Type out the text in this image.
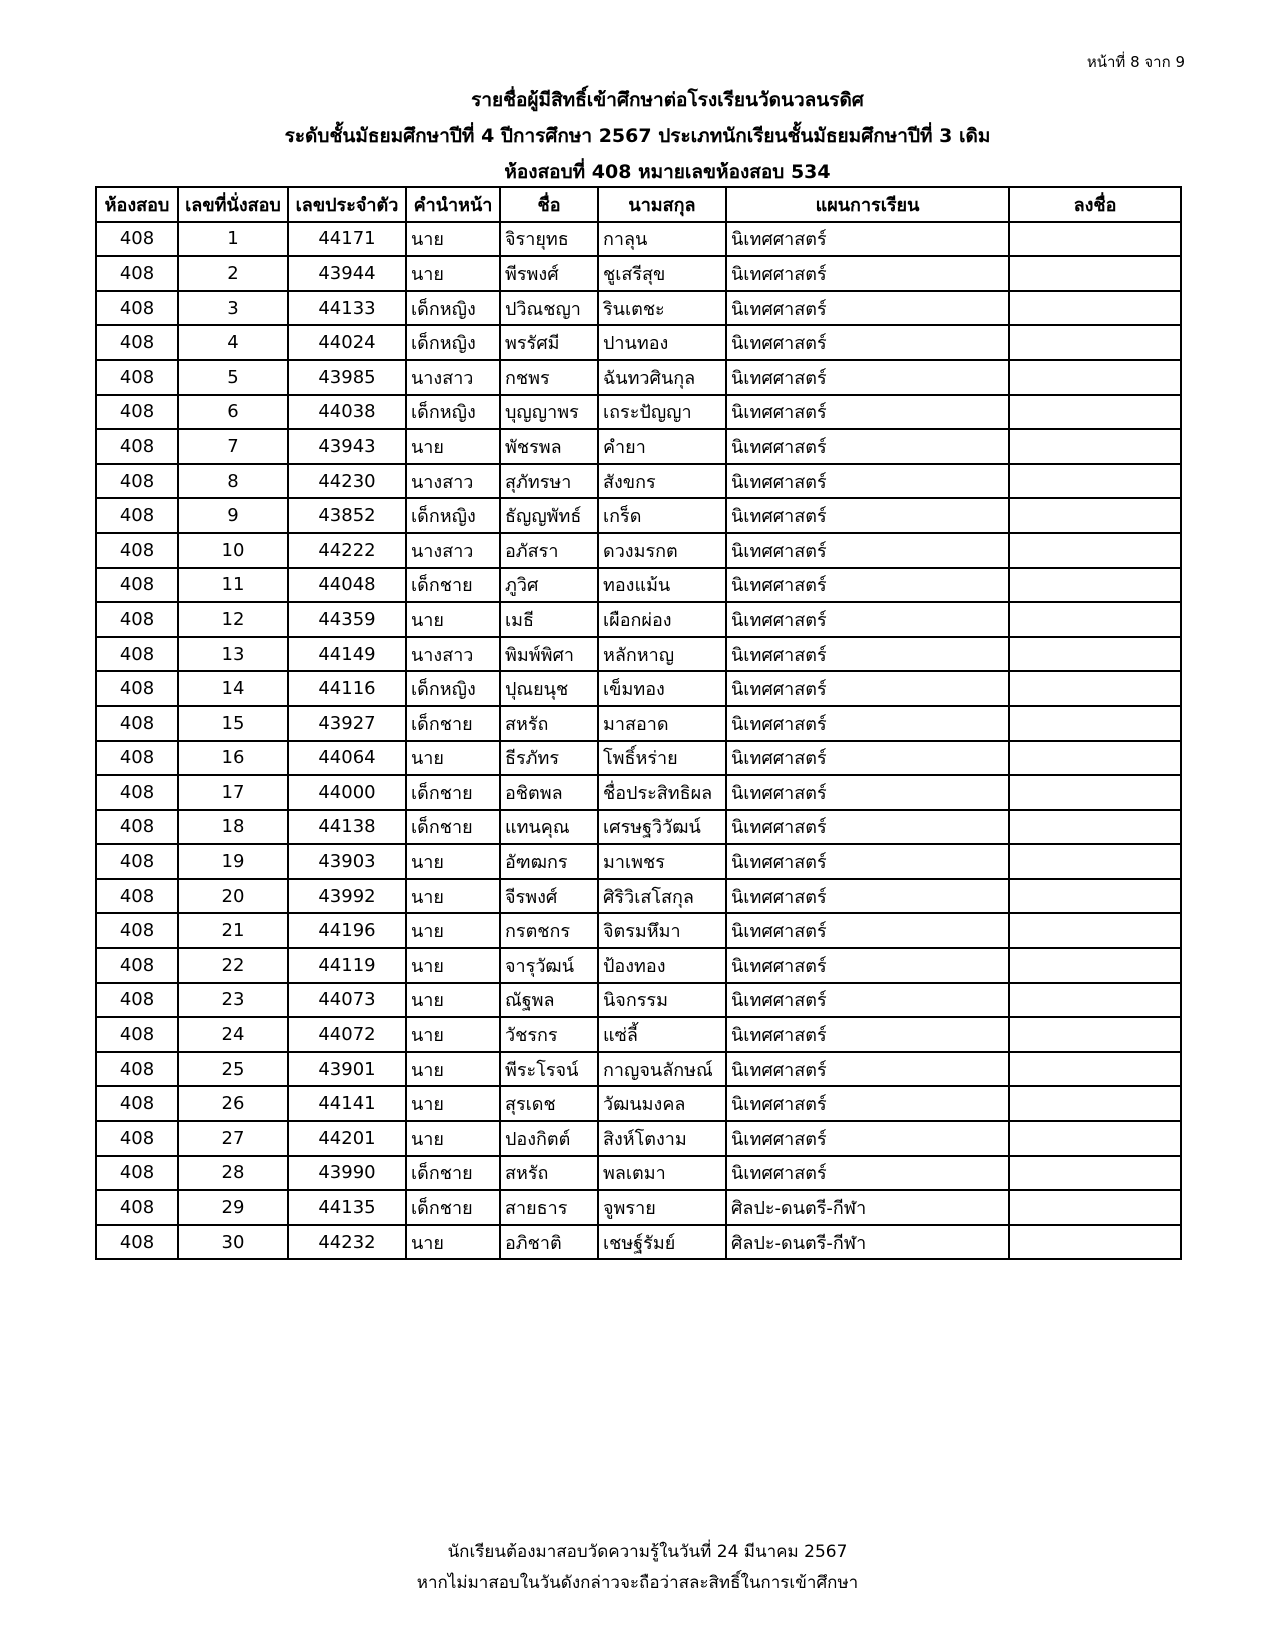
หน้าที่ 8 จาก 9
รายชื่อผู้มีสิทธิ์เข้าศึกษาต่อโรงเรียนวัดนวลนรดิศ
ระดับชั้นมัธยมศึกษาปีที่ 4 ปีการศึกษา 2567 ประเภทนักเรียนชั้นมัธยมศึกษาปีที่ 3 เดิม
ห้องสอบที่ 408 หมายเลขห้องสอบ 534
ห้องสอบ	เลขที่นั่งสอบ	เลขประจำตัว	คำนำหน้า	ชื่อ	นามสกุล	แผนการเรียน	ลงชื่อ
408	1	44171	นาย	จิรายุทธ	กาลุน	นิเทศศาสตร์	
408	2	43944	นาย	พีรพงศ์	ชูเสรีสุข	นิเทศศาสตร์	
408	3	44133	เด็กหญิง	ปวิณชญา	รินเตชะ	นิเทศศาสตร์	
408	4	44024	เด็กหญิง	พรรัศมี	ปานทอง	นิเทศศาสตร์	
408	5	43985	นางสาว	กชพร	ฉันทวศินกุล	นิเทศศาสตร์	
408	6	44038	เด็กหญิง	บุญญาพร	เถระปัญญา	นิเทศศาสตร์	
408	7	43943	นาย	พัชรพล	คำยา	นิเทศศาสตร์	
408	8	44230	นางสาว	สุภัทรษา	สังขกร	นิเทศศาสตร์	
408	9	43852	เด็กหญิง	ธัญญพัทธ์	เกร็ด	นิเทศศาสตร์	
408	10	44222	นางสาว	อภัสรา	ดวงมรกต	นิเทศศาสตร์	
408	11	44048	เด็กชาย	ภูวิศ	ทองแม้น	นิเทศศาสตร์	
408	12	44359	นาย	เมธี	เผือกผ่อง	นิเทศศาสตร์	
408	13	44149	นางสาว	พิมพ์พิศา	หลักหาญ	นิเทศศาสตร์	
408	14	44116	เด็กหญิง	ปุณยนุช	เข็มทอง	นิเทศศาสตร์	
408	15	43927	เด็กชาย	สหรัถ	มาสอาด	นิเทศศาสตร์	
408	16	44064	นาย	ธีรภัทร	โพธิ์หร่าย	นิเทศศาสตร์	
408	17	44000	เด็กชาย	อชิตพล	ชื่อประสิทธิผล	นิเทศศาสตร์	
408	18	44138	เด็กชาย	แทนคุณ	เศรษฐวิวัฒน์	นิเทศศาสตร์	
408	19	43903	นาย	อัฑฒกร	มาเพชร	นิเทศศาสตร์	
408	20	43992	นาย	จีรพงศ์	ศิริวิเสโสกุล	นิเทศศาสตร์	
408	21	44196	นาย	กรตชกร	จิตรมหึมา	นิเทศศาสตร์	
408	22	44119	นาย	จารุวัฒน์	ป้องทอง	นิเทศศาสตร์	
408	23	44073	นาย	ณัฐพล	นิจกรรม	นิเทศศาสตร์	
408	24	44072	นาย	วัชรกร	แซ่ลี้	นิเทศศาสตร์	
408	25	43901	นาย	พีระโรจน์	กาญจนลักษณ์	นิเทศศาสตร์	
408	26	44141	นาย	สุรเดช	วัฒนมงคล	นิเทศศาสตร์	
408	27	44201	นาย	ปองกิตต์	สิงห์โตงาม	นิเทศศาสตร์	
408	28	43990	เด็กชาย	สหรัถ	พลเตมา	นิเทศศาสตร์	
408	29	44135	เด็กชาย	สายธาร	จูพราย	ศิลปะ-ดนตรี-กีฬา	
408	30	44232	นาย	อภิชาติ	เชษฐ์รัมย์	ศิลปะ-ดนตรี-กีฬา	
นักเรียนต้องมาสอบวัดความรู้ในวันที่ 24 มีนาคม 2567
หากไม่มาสอบในวันดังกล่าวจะถือว่าสละสิทธิ์ในการเข้าศึกษา
